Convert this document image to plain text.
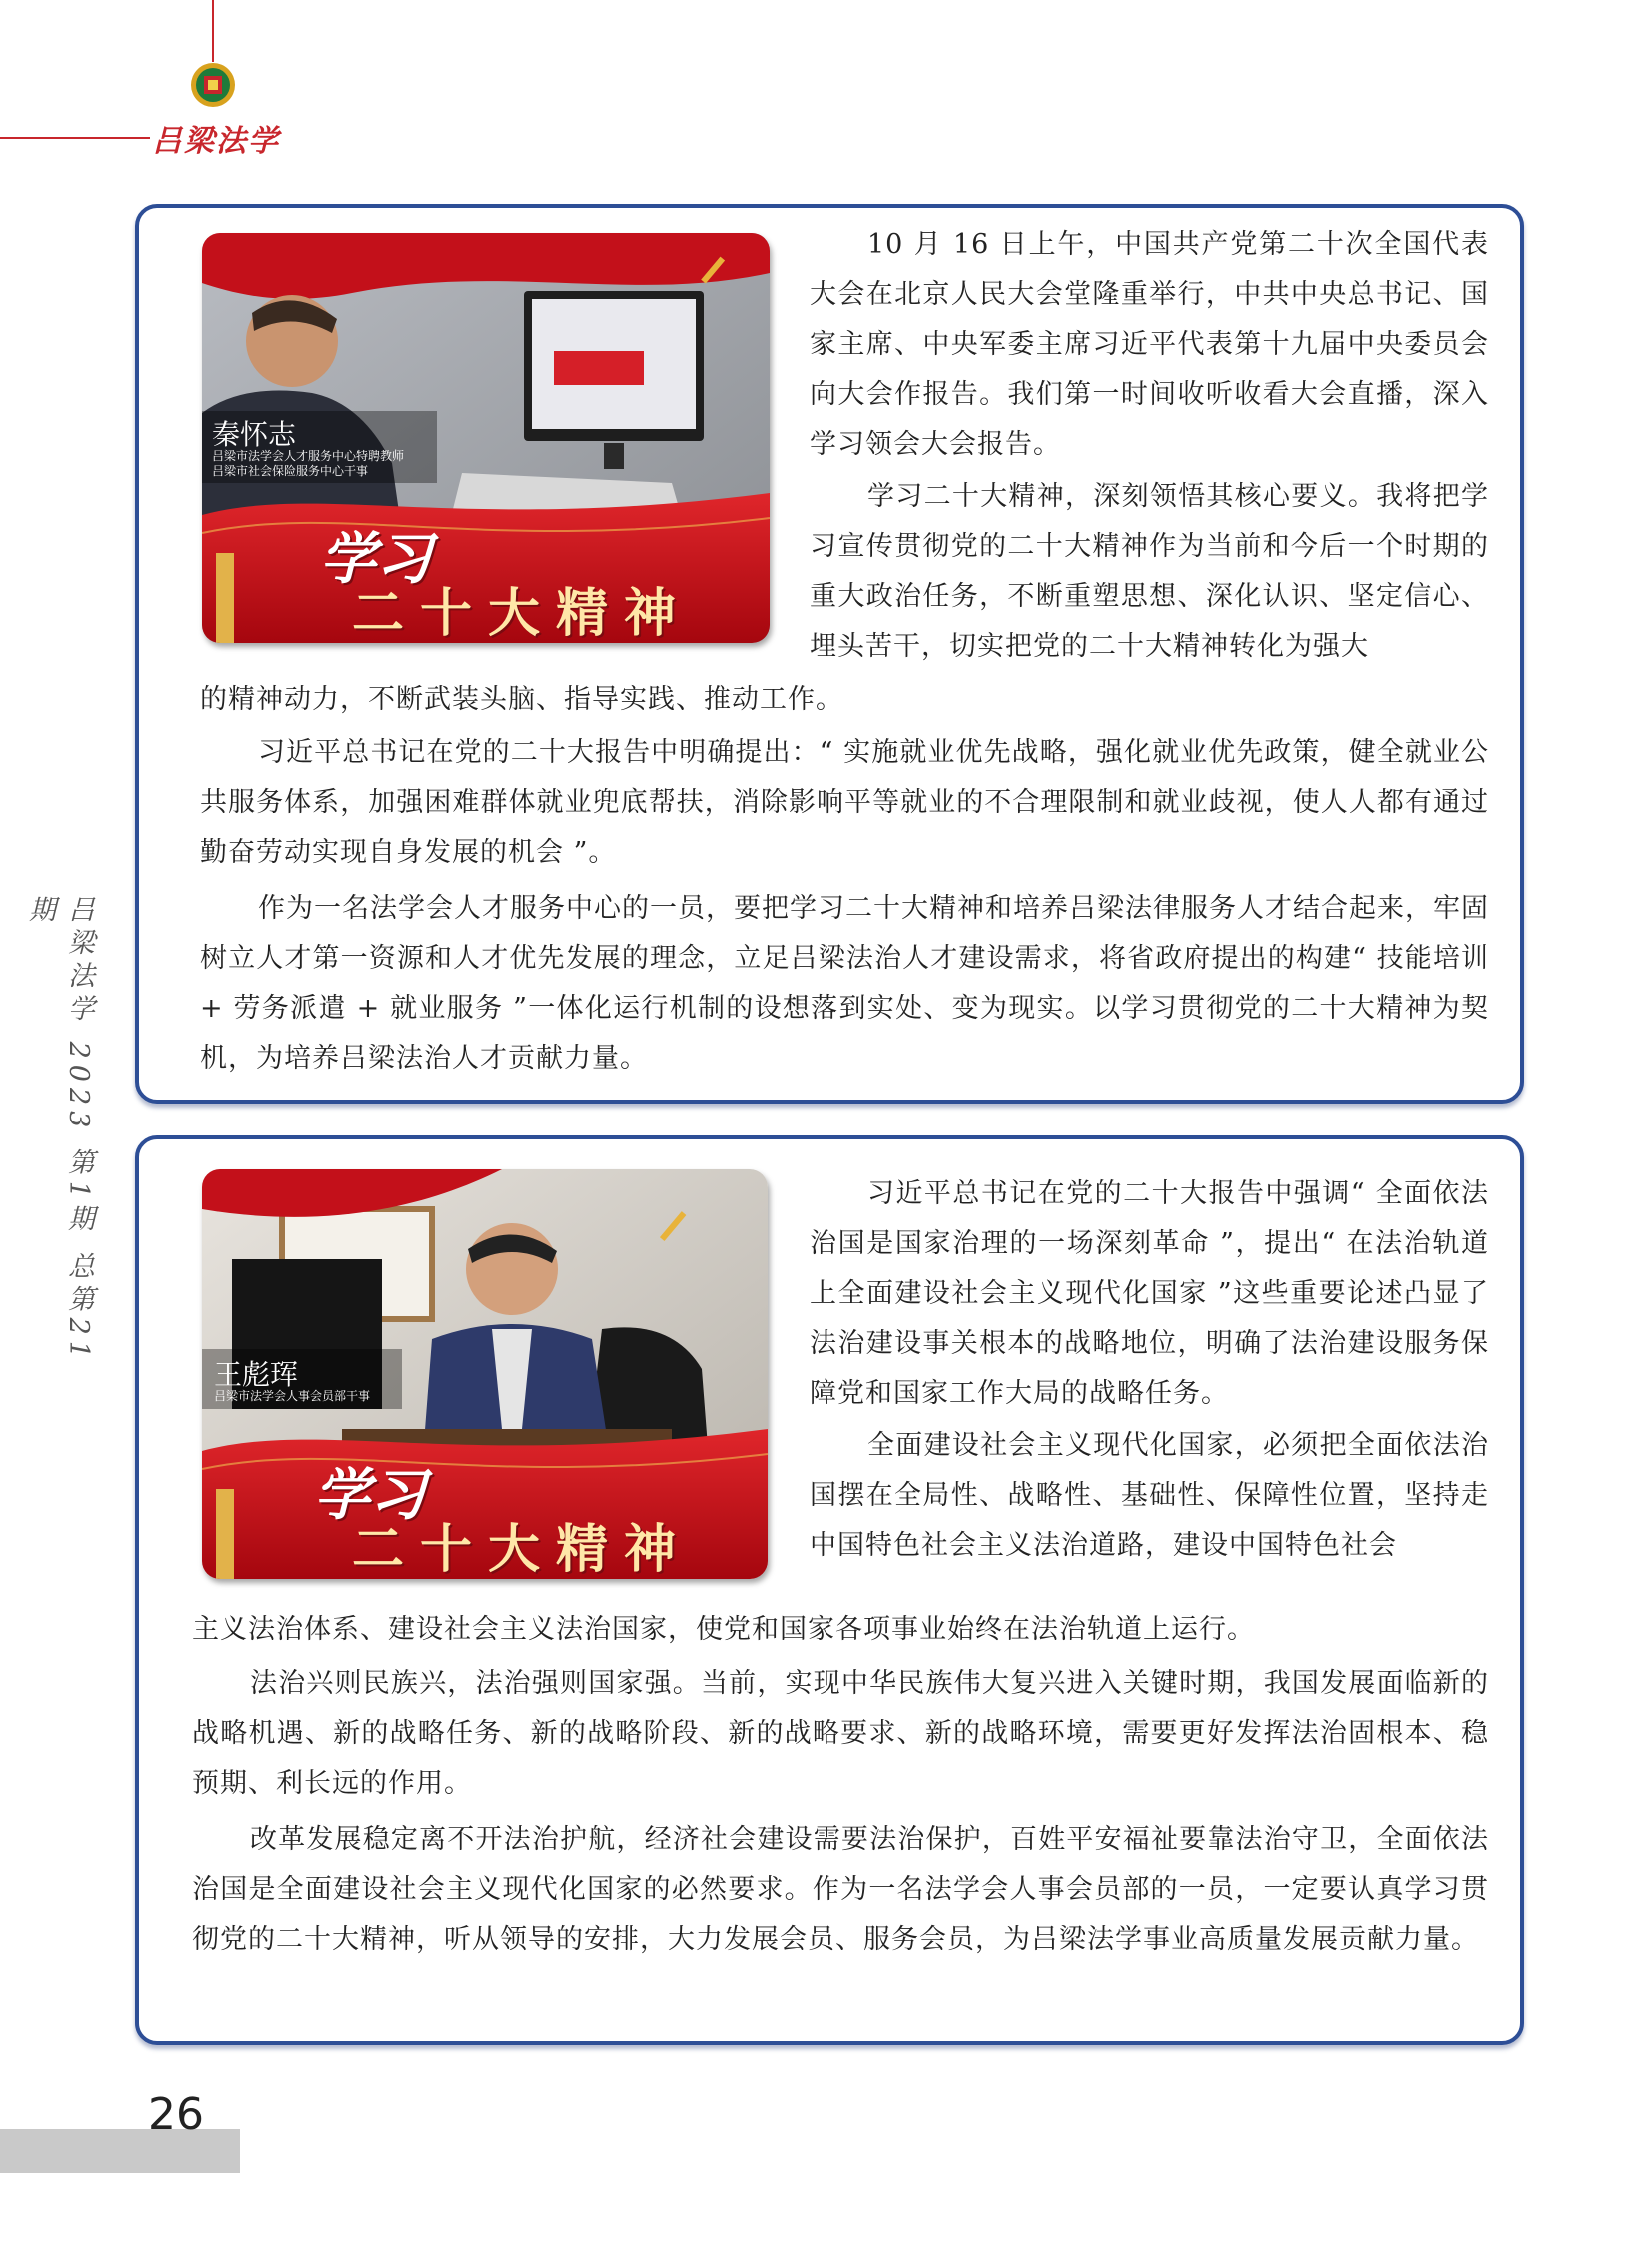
吕梁法学
吕梁法学 2023 第1期 总第21期
秦怀志
吕梁市法学会人才服务中心特聘教师
吕梁市社会保险服务中心干事
学习
二十大精神

10 月 16 日上午，中国共产党第二十次全国代表大会在北京人民大会堂隆重举行，中共中央总书记、国家主席、中央军委主席习近平代表第十九届中央委员会向大会作报告。我们第一时间收听收看大会直播，深入学习领会大会报告。

学习二十大精神，深刻领悟其核心要义。我将把学习宣传贯彻党的二十大精神作为当前和今后一个时期的重大政治任务，不断重塑思想、深化认识、坚定信心、埋头苦干，切实把党的二十大精神转化为强大

的精神动力，不断武装头脑、指导实践、推动工作。

习近平总书记在党的二十大报告中明确提出：“ 实施就业优先战略，强化就业优先政策，健全就业公共服务体系，加强困难群体就业兜底帮扶，消除影响平等就业的不合理限制和就业歧视，使人人都有通过勤奋劳动实现自身发展的机会 ”。

作为一名法学会人才服务中心的一员，要把学习二十大精神和培养吕梁法律服务人才结合起来，牢固树立人才第一资源和人才优先发展的理念，立足吕梁法治人才建设需求，将省政府提出的构建“ 技能培训 + 劳务派遣 + 就业服务 ”一体化运行机制的设想落到实处、变为现实。以学习贯彻党的二十大精神为契机，为培养吕梁法治人才贡献力量。

王彪珲
吕梁市法学会人事会员部干事
学习
二十大精神

习近平总书记在党的二十大报告中强调“ 全面依法治国是国家治理的一场深刻革命 ”，提出“ 在法治轨道上全面建设社会主义现代化国家 ”这些重要论述凸显了法治建设事关根本的战略地位，明确了法治建设服务保障党和国家工作大局的战略任务。

全面建设社会主义现代化国家，必须把全面依法治国摆在全局性、战略性、基础性、保障性位置，坚持走中国特色社会主义法治道路，建设中国特色社会

主义法治体系、建设社会主义法治国家，使党和国家各项事业始终在法治轨道上运行。

法治兴则民族兴，法治强则国家强。当前，实现中华民族伟大复兴进入关键时期，我国发展面临新的战略机遇、新的战略任务、新的战略阶段、新的战略要求、新的战略环境，需要更好发挥法治固根本、稳预期、利长远的作用。

改革发展稳定离不开法治护航，经济社会建设需要法治保护，百姓平安福祉要靠法治守卫，全面依法治国是全面建设社会主义现代化国家的必然要求。作为一名法学会人事会员部的一员，一定要认真学习贯彻党的二十大精神，听从领导的安排，大力发展会员、服务会员，为吕梁法学事业高质量发展贡献力量。

26
